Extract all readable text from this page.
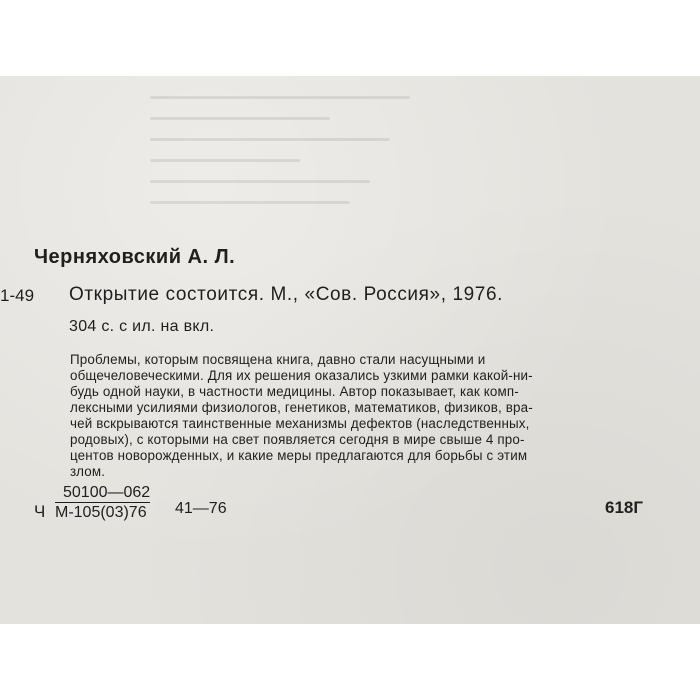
Черняховский А. Л.
1-49 Открытие состоится. М., «Сов. Россия», 1976.
304 с. с ил. на вкл.
Проблемы, которым посвящена книга, давно стали насущными и
общечеловеческими. Для их решения оказались узкими рамки какой-ни-
будь одной науки, в частности медицины. Автор показывает, как комп-
лексными усилиями физиологов, генетиков, математиков, физиков, вра-
чей вскрываются таинственные механизмы дефектов (наследственных,
родовых), с которыми на свет появляется сегодня в мире свыше 4 про-
центов новорожденных, и какие меры предлагаются для борьбы с этим
злом.
Ч
50100—062
М-105(03)76 41—76	618Г
